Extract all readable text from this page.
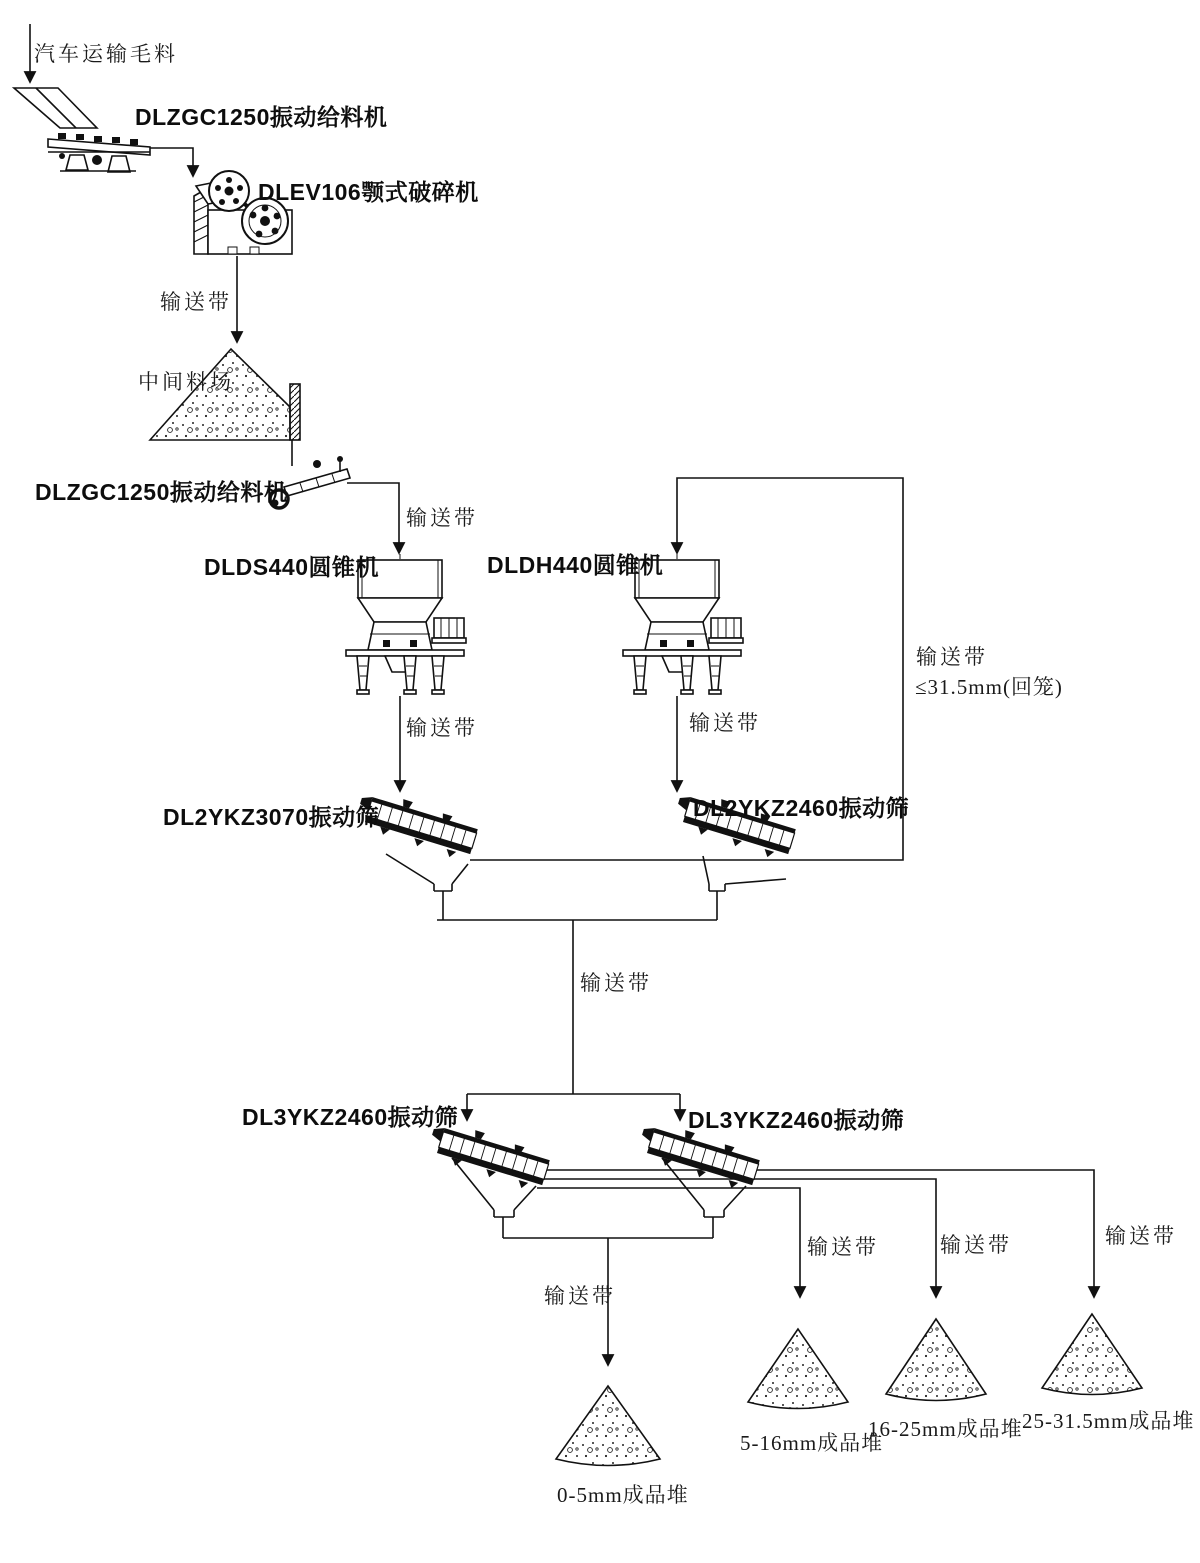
汽车运输毛料
DLZGC1250振动给料机
DLEV106颚式破碎机
输送带
中间料场
DLZGC1250振动给料机
输送带
DLDS440圆锥机	DLDH440圆锥机
输送带
≤31.5mm(回笼)
输送带	输送带
DL2YKZ3070振动筛	DL2YKZ2460振动筛
输送带
DL3YKZ2460振动筛	DL3YKZ2460振动筛
输送带
输送带	输送带	输送带
0-5mm成品堆
5-16mm成品堆
16-25mm成品堆 25-31.5mm成品堆
